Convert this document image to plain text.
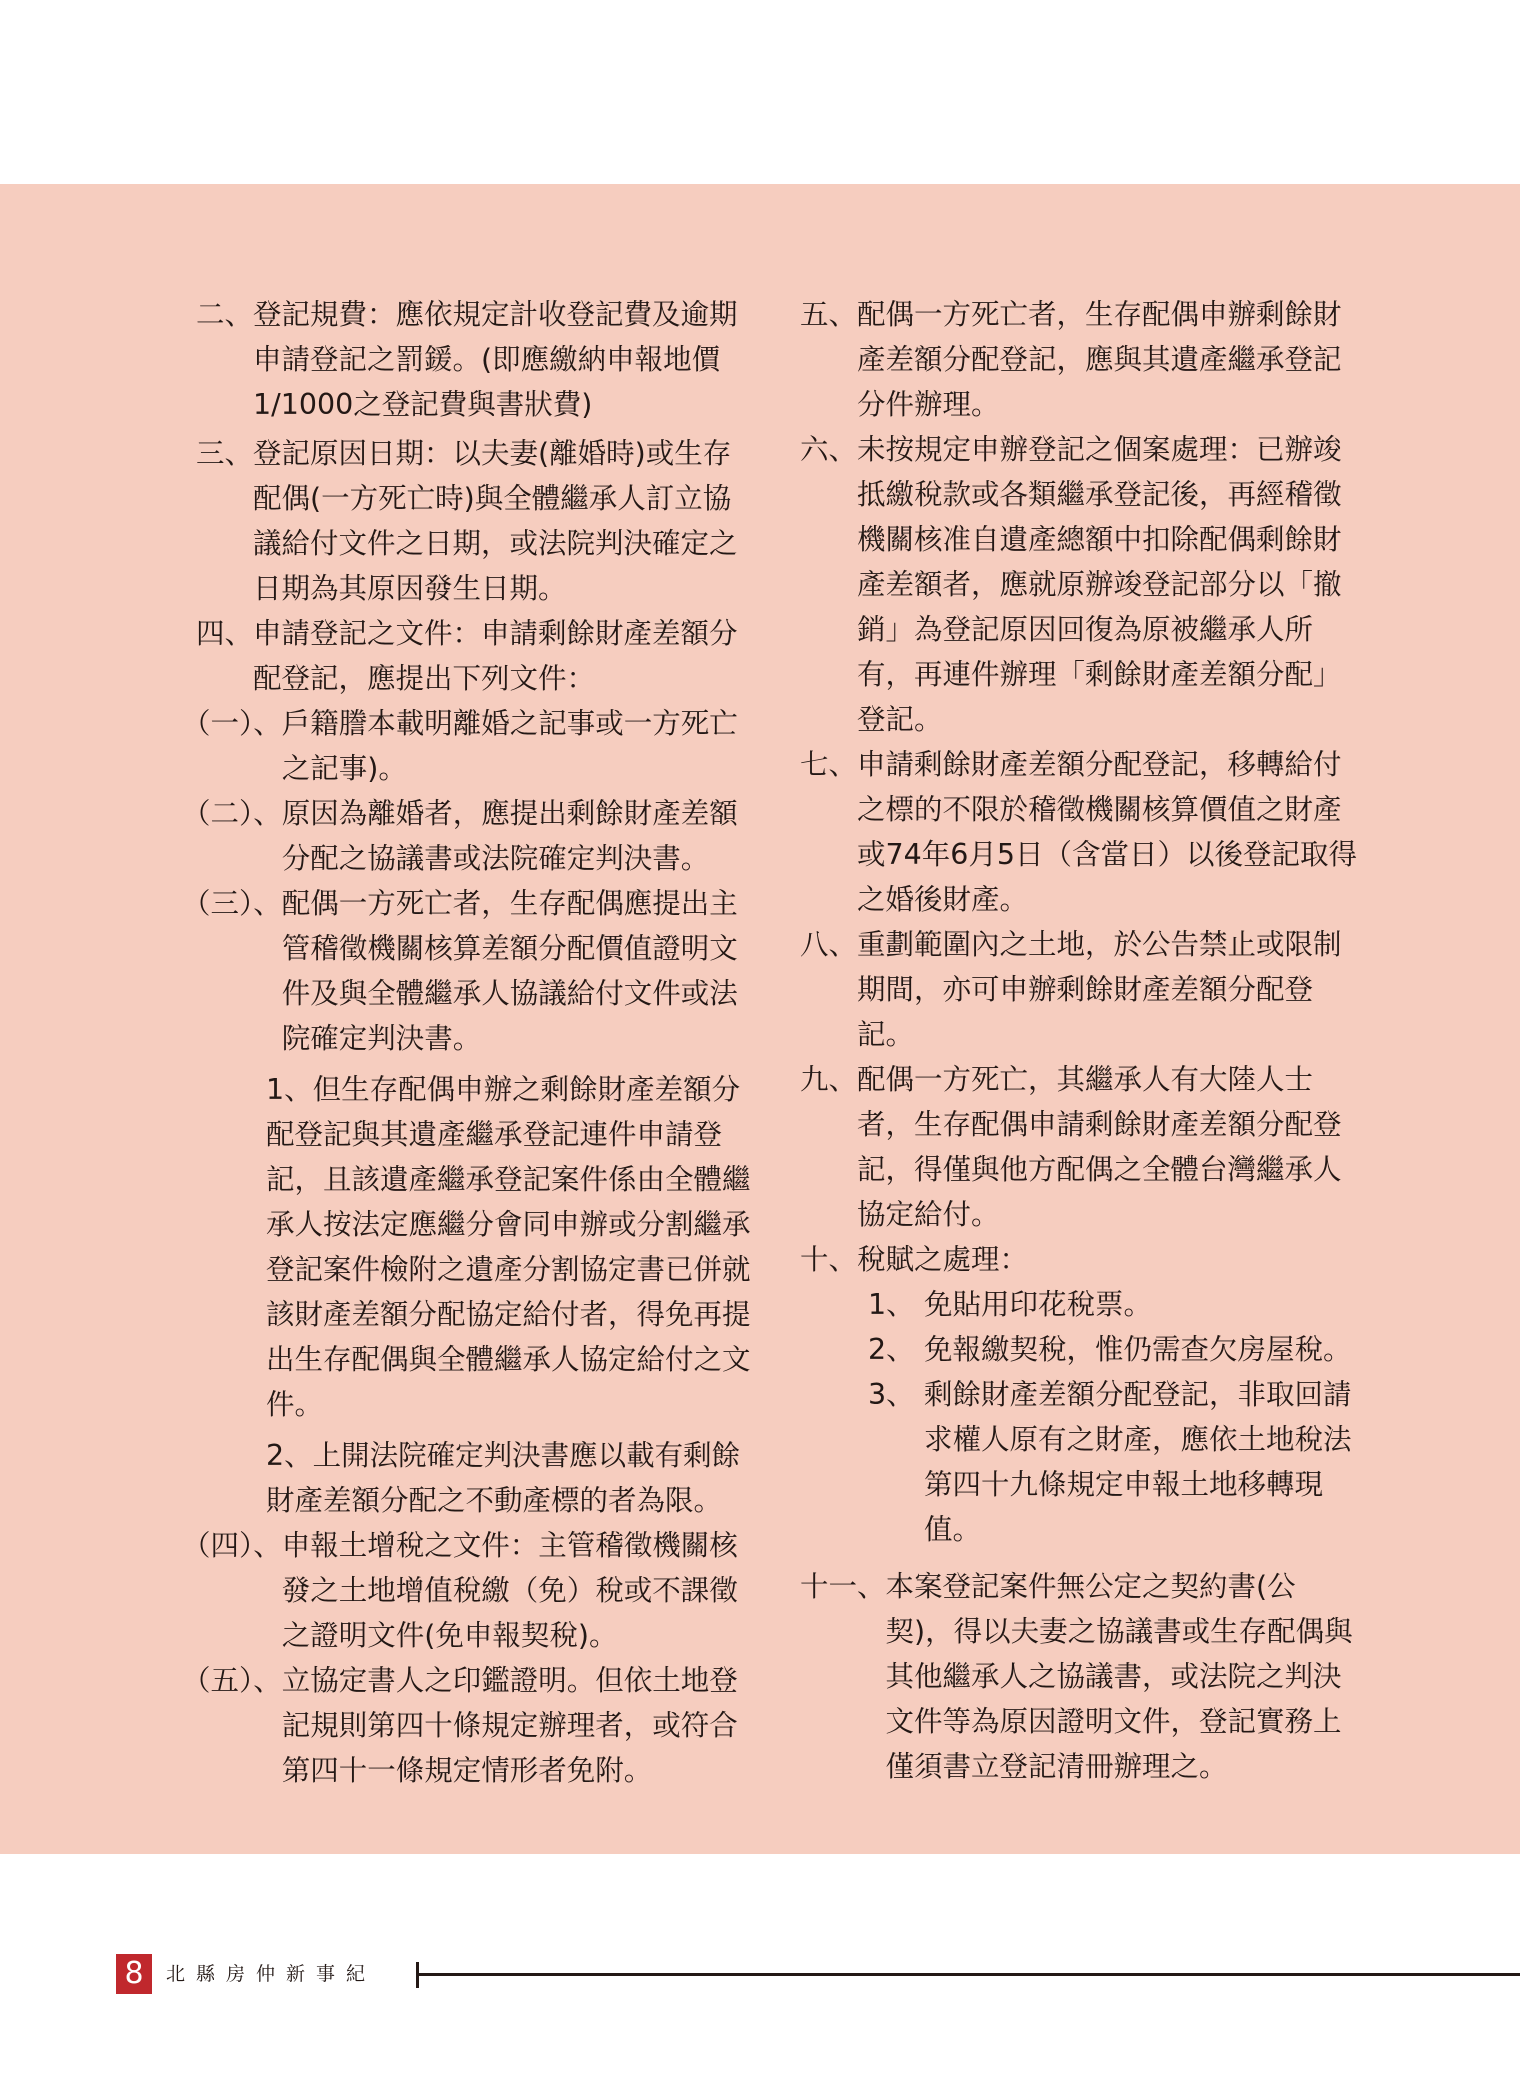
二、 登記規費：應依規定計收登記費及逾期申請登記之罰鍰。(即應繳納申報地價1/1000之登記費與書狀費)
三、 登記原因日期：以夫妻(離婚時)或生存配偶(一方死亡時)與全體繼承人訂立協議給付文件之日期，或法院判決確定之日期為其原因發生日期。
四、 申請登記之文件：申請剩餘財產差額分配登記，應提出下列文件：
（一）、 戶籍謄本載明離婚之記事或一方死亡之記事)。
（二）、 原因為離婚者，應提出剩餘財產差額分配之協議書或法院確定判決書。
（三）、 配偶一方死亡者，生存配偶應提出主管稽徵機關核算差額分配價值證明文件及與全體繼承人協議給付文件或法院確定判決書。
1、但生存配偶申辦之剩餘財產差額分配登記與其遺產繼承登記連件申請登記，且該遺產繼承登記案件係由全體繼承人按法定應繼分會同申辦或分割繼承登記案件檢附之遺產分割協定書已併就該財產差額分配協定給付者，得免再提出生存配偶與全體繼承人協定給付之文件。
2、上開法院確定判決書應以載有剩餘財產差額分配之不動產標的者為限。
（四）、 申報土增稅之文件：主管稽徵機關核發之土地增值稅繳（免）稅或不課徵之證明文件(免申報契稅)。
（五）、 立協定書人之印鑑證明。但依土地登記規則第四十條規定辦理者，或符合第四十一條規定情形者免附。
五、 配偶一方死亡者，生存配偶申辦剩餘財產差額分配登記，應與其遺產繼承登記分件辦理。
六、 未按規定申辦登記之個案處理：已辦竣抵繳稅款或各類繼承登記後，再經稽徵機關核准自遺產總額中扣除配偶剩餘財產差額者，應就原辦竣登記部分以「撤銷」為登記原因回復為原被繼承人所有，再連件辦理「剩餘財產差額分配」登記。
七、 申請剩餘財產差額分配登記，移轉給付之標的不限於稽徵機關核算價值之財產或74年6月5日（含當日）以後登記取得之婚後財產。
八、 重劃範圍內之土地，於公告禁止或限制期間，亦可申辦剩餘財產差額分配登記。
九、 配偶一方死亡，其繼承人有大陸人士者，生存配偶申請剩餘財產差額分配登記，得僅與他方配偶之全體台灣繼承人協定給付。
十、 稅賦之處理：
1、 免貼用印花稅票。
2、 免報繳契稅，惟仍需查欠房屋稅。
3、 剩餘財產差額分配登記，非取回請求權人原有之財產，應依土地稅法第四十九條規定申報土地移轉現值。
十一、 本案登記案件無公定之契約書(公契)，得以夫妻之協議書或生存配偶與其他繼承人之協議書，或法院之判決文件等為原因證明文件，登記實務上僅須書立登記清冊辦理之。
8	北縣房仲新事紀
